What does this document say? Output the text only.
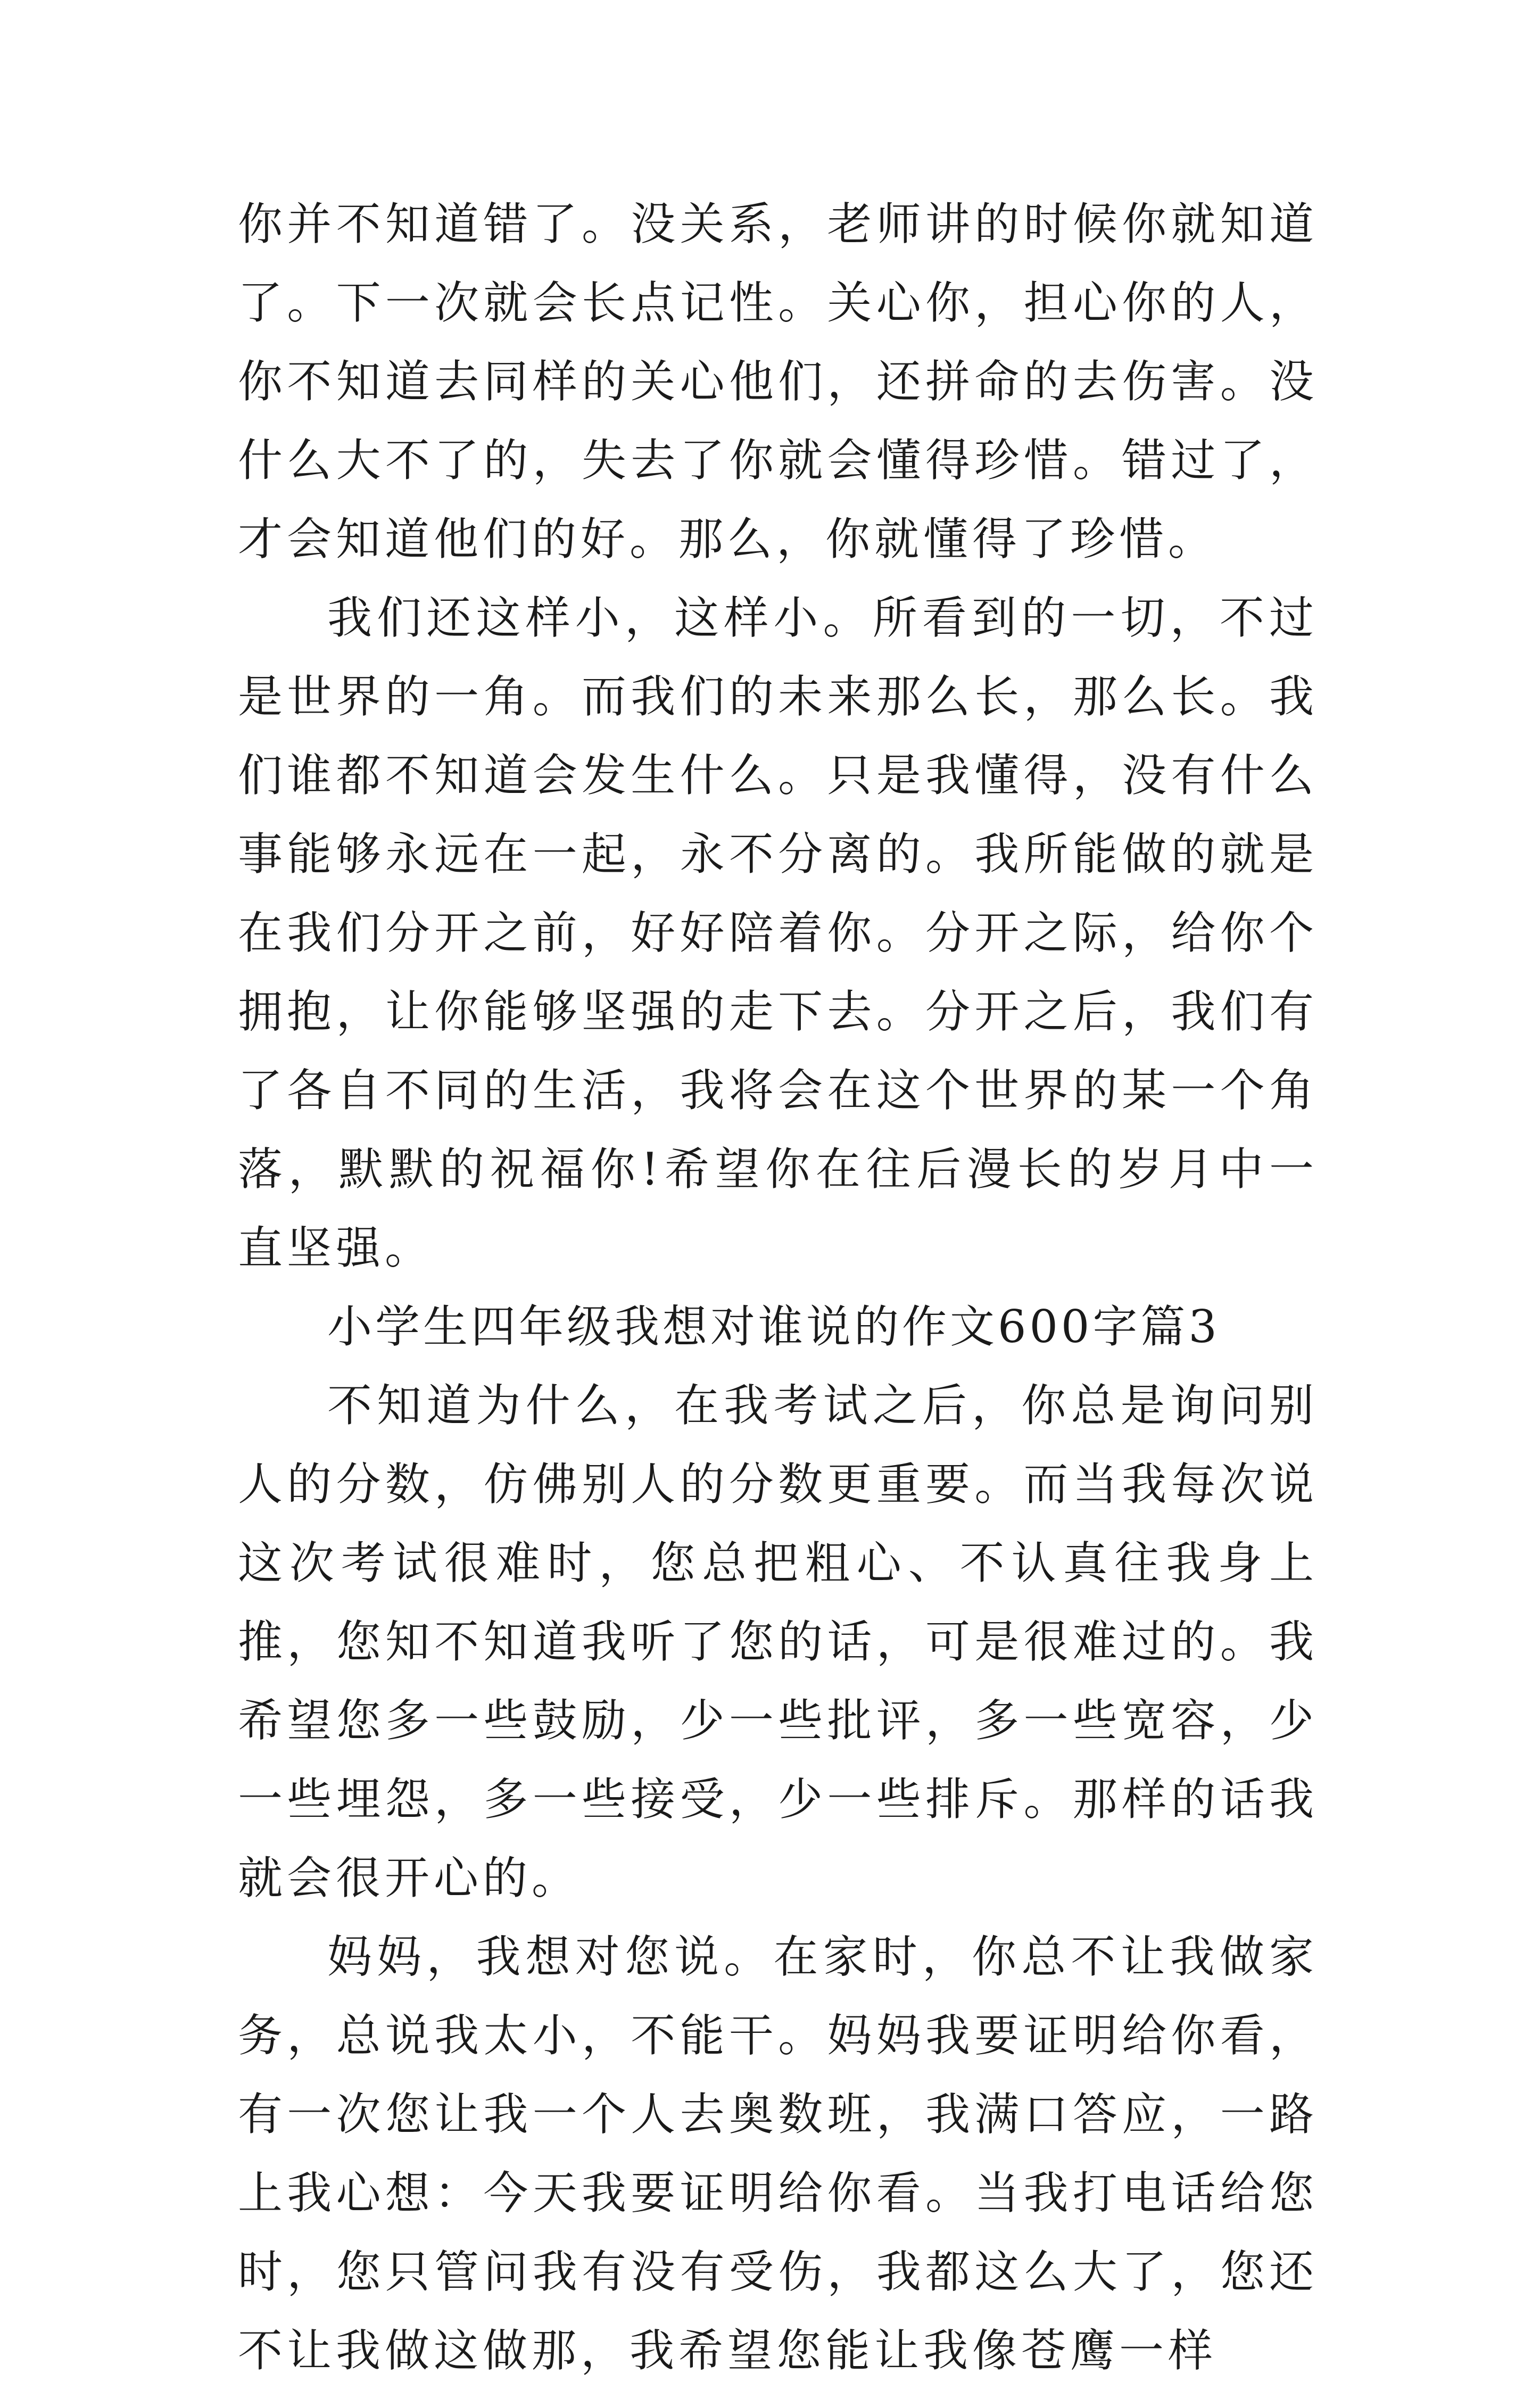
你并不知道错了。没关系，老师讲的时候你就知道了。下一次就会长点记性。关心你，担心你的人，你不知道去同样的关心他们，还拼命的去伤害。没什么大不了的，失去了你就会懂得珍惜。错过了，才会知道他们的好。那么，你就懂得了珍惜。

我们还这样小，这样小。所看到的一切，不过是世界的一角。而我们的未来那么长，那么长。我们谁都不知道会发生什么。只是我懂得，没有什么事能够永远在一起，永不分离的。我所能做的就是在我们分开之前，好好陪着你。分开之际，给你个拥抱，让你能够坚强的走下去。分开之后，我们有了各自不同的生活，我将会在这个世界的某一个角落，默默的祝福你!希望你在往后漫长的岁月中一直坚强。

小学生四年级我想对谁说的作文600字篇3

不知道为什么，在我考试之后，你总是询问别人的分数，仿佛别人的分数更重要。而当我每次说这次考试很难时，您总把粗心、不认真往我身上推，您知不知道我听了您的话，可是很难过的。我希望您多一些鼓励，少一些批评，多一些宽容，少一些埋怨，多一些接受，少一些排斥。那样的话我就会很开心的。

妈妈，我想对您说。在家时，你总不让我做家务，总说我太小，不能干。妈妈我要证明给你看，有一次您让我一个人去奥数班，我满口答应，一路上我心想：今天我要证明给你看。当我打电话给您时，您只管问我有没有受伤，我都这么大了，您还不让我做这做那，我希望您能让我像苍鹰一样
